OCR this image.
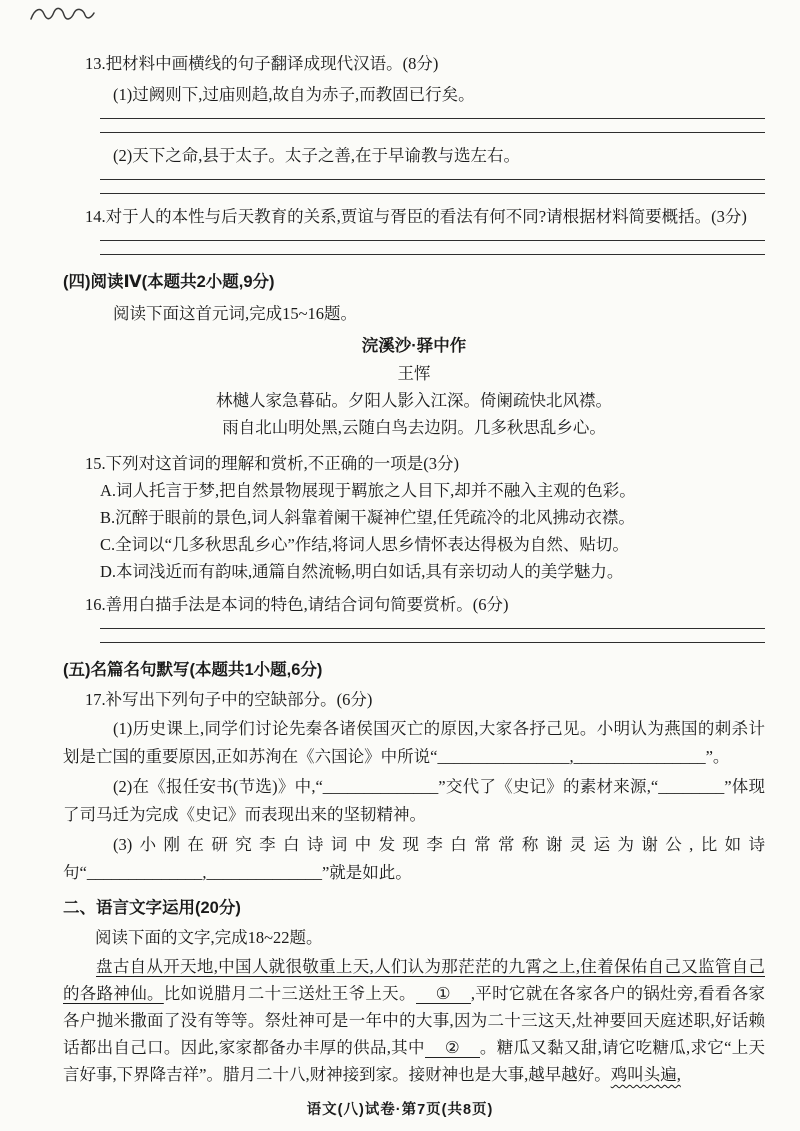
13.把材料中画横线的句子翻译成现代汉语。(8分)
(1)过阙则下,过庙则趋,故自为赤子,而教固已行矣。
(2)天下之命,县于太子。太子之善,在于早谕教与选左右。
14.对于人的本性与后天教育的关系,贾谊与胥臣的看法有何不同?请根据材料简要概括。(3分)
(四)阅读Ⅳ(本题共2小题,9分)
阅读下面这首元词,完成15~16题。
浣溪沙·驿中作
王恽
林樾人家急暮砧。夕阳人影入江深。倚阑疏快北风襟。
雨自北山明处黑,云随白鸟去边阴。几多秋思乱乡心。
15.下列对这首词的理解和赏析,不正确的一项是(3分)
A.词人托言于梦,把自然景物展现于羁旅之人目下,却并不融入主观的色彩。
B.沉醉于眼前的景色,词人斜靠着阑干凝神伫望,任凭疏冷的北风拂动衣襟。
C.全词以“几多秋思乱乡心”作结,将词人思乡情怀表达得极为自然、贴切。
D.本词浅近而有韵味,通篇自然流畅,明白如话,具有亲切动人的美学魅力。
16.善用白描手法是本词的特色,请结合词句简要赏析。(6分)
(五)名篇名句默写(本题共1小题,6分)
17.补写出下列句子中的空缺部分。(6分)
(1)历史课上,同学们讨论先秦各诸侯国灭亡的原因,大家各抒己见。小明认为燕国的刺杀计划是亡国的重要原因,正如苏洵在《六国论》中所说“________________,________________”。
(2)在《报任安书(节选)》中,“______________”交代了《史记》的素材来源,“________”体现了司马迁为完成《史记》而表现出来的坚韧精神。
(3)小刚在研究李白诗词中发现李白常常称谢灵运为谢公,比如诗句“______________,______________”就是如此。
二、语言文字运用(20分)
阅读下面的文字,完成18~22题。
盘古自从开天地,中国人就很敬重上天,人们认为那茫茫的九霄之上,住着保佑自己又监管自己的各路神仙。比如说腊月二十三送灶王爷上天。 ① ,平时它就在各家各户的锅灶旁,看看各家各户抛米撒面了没有等等。祭灶神可是一年中的大事,因为二十三这天,灶神要回天庭述职,好话赖话都出自己口。因此,家家都备办丰厚的供品,其中 ② 。糖瓜又黏又甜,请它吃糖瓜,求它“上天言好事,下界降吉祥”。腊月二十八,财神接到家。接财神也是大事,越早越好。鸡叫头遍,
语文(八)试卷·第7页(共8页)
